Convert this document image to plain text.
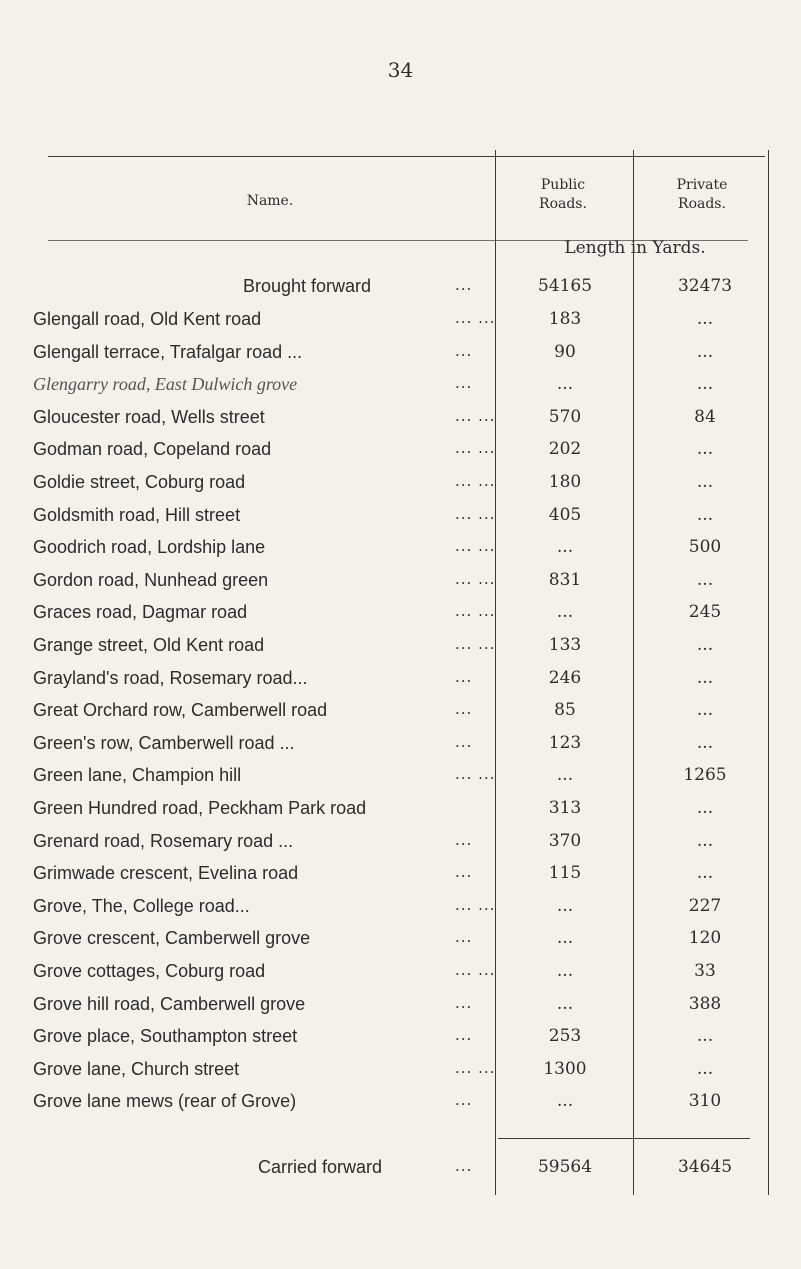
34
Name.
Public Roads.
Private Roads.
Length in Yards.
Brought forward	...	54165	32473
Glengall road, Old Kent road	... ...	183	...
Glengall terrace, Trafalgar road ...	...	90	...
Glengarry road, East Dulwich grove	...	...	...
Gloucester road, Wells street	... ...	570	84
Godman road, Copeland road	... ...	202	...
Goldie street, Coburg road	... ...	180	...
Goldsmith road, Hill street	... ...	405	...
Goodrich road, Lordship lane	... ...	...	500
Gordon road, Nunhead green	... ...	831	...
Graces road, Dagmar road	... ...	...	245
Grange street, Old Kent road	... ...	133	...
Grayland's road, Rosemary road...	...	246	...
Great Orchard row, Camberwell road	...	85	...
Green's row, Camberwell road ...	...	123	...
Green lane, Champion hill	... ...	...	1265
Green Hundred road, Peckham Park road	313	...
Grenard road, Rosemary road ...	...	370	...
Grimwade crescent, Evelina road	...	115	...
Grove, The, College road...	... ...	...	227
Grove crescent, Camberwell grove	...	...	120
Grove cottages, Coburg road	... ...	...	33
Grove hill road, Camberwell grove	...	...	388
Grove place, Southampton street	...	253	...
Grove lane, Church street	... ...	1300	...
Grove lane mews (rear of Grove)	...	...	310
Carried forward	...	59564	34645
